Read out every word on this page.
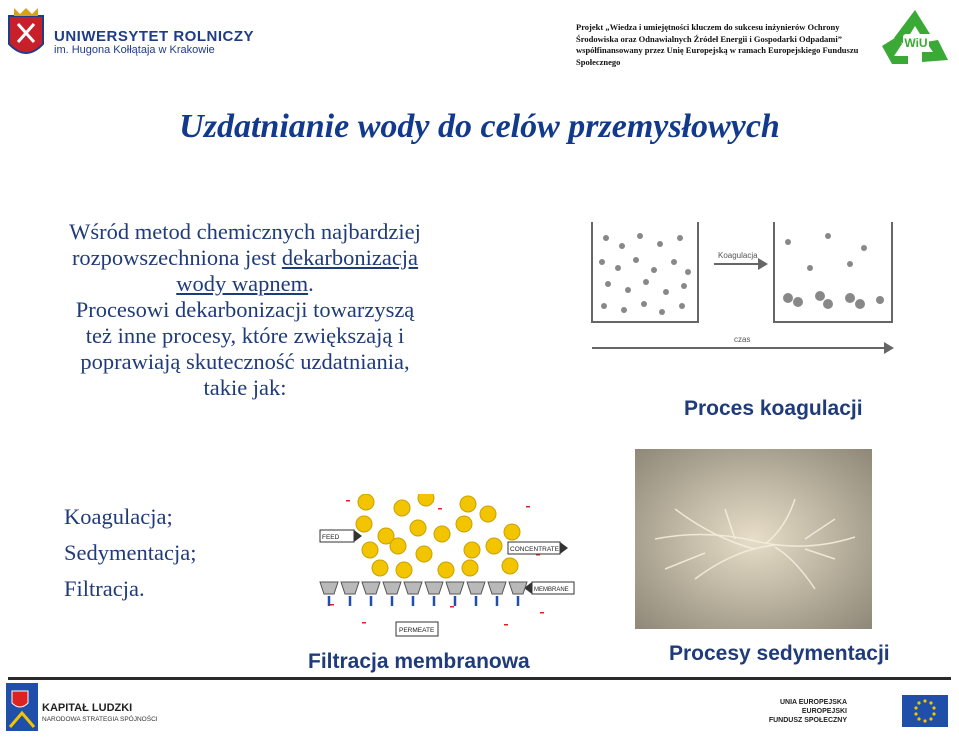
UNIWERSYTET ROLNICZY
im. Hugona Kołłątaja w Krakowie
Projekt „Wiedza i umiejętności kluczem do sukcesu inżynierów Ochrony Środowiska oraz Odnawialnych Źródeł Energii i Gospodarki Odpadami” współfinansowany przez Unię Europejską w ramach Europejskiego Funduszu Społecznego
WiU
Uzdatnianie wody do celów przemysłowych
Wśród metod chemicznych najbardziej rozpowszechniona jest dekarbonizacja wody wapnem.
Procesowi dekarbonizacji towarzyszą też inne procesy, które zwiększają i poprawiają skuteczność uzdatniania, takie jak:
Koagulacja;
Sedymentacja;
Filtracja.
Koagulacja
czas
Proces koagulacji
FEED
CONCENTRATE
MEMBRANE
PERMEATE
Filtracja membranowa	Procesy sedymentacji
KAPITAŁ LUDZKI
NARODOWA STRATEGIA SPÓJNOŚCI
UNIA EUROPEJSKA
EUROPEJSKI
FUNDUSZ SPOŁECZNY
